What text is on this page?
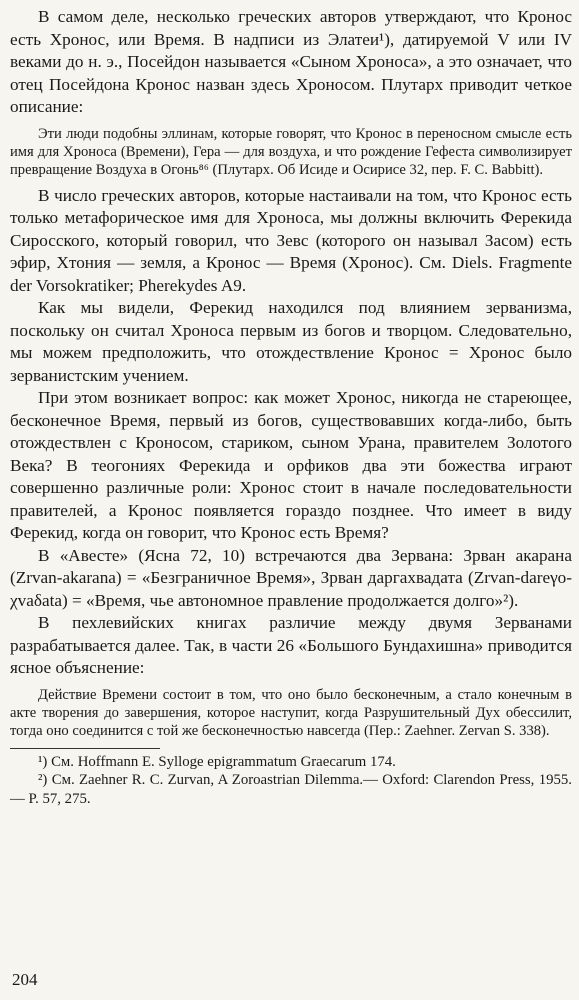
В самом деле, несколько греческих авторов утверждают, что Кронос есть Хронос, или Время. В надписи из Элатеи¹), датируемой V или IV веками до н. э., Посейдон называется «Сыном Хроноса», а это означает, что отец Посейдона Кронос назван здесь Хроносом. Плутарх приводит четкое описание:

Эти люди подобны эллинам, которые говорят, что Кронос в переносном смысле есть имя для Хроноса (Времени), Гера — для воздуха, и что рождение Гефеста символизирует превращение Воздуха в Огонь⁸⁶ (Плутарх. Об Исиде и Осирисе 32, пер. F. C. Babbitt).

В число греческих авторов, которые настаивали на том, что Кронос есть только метафорическое имя для Хроноса, мы должны включить Ферекида Сиросского, который говорил, что Зевс (которого он называл Засом) есть эфир, Хтония — земля, а Кронос — Время (Хронос). См. Diels. Fragmente der Vorsokratiker; Pherekydes A9.

Как мы видели, Ферекид находился под влиянием зерванизма, поскольку он считал Хроноса первым из богов и творцом. Следовательно, мы можем предположить, что отождествление Кронос = Хронос было зерванистским учением.

При этом возникает вопрос: как может Хронос, никогда не стареющее, бесконечное Время, первый из богов, существовавших когда-либо, быть отождествлен с Кроносом, стариком, сыном Урана, правителем Золотого Века? В теогониях Ферекида и орфиков два эти божества играют совершенно различные роли: Хронос стоит в начале последовательности правителей, а Кронос появляется гораздо позднее. Что имеет в виду Ферекид, когда он говорит, что Кронос есть Время?

В «Авесте» (Ясна 72, 10) встречаются два Зервана: Зрван акарана (Zrvan-akarana) = «Безграничное Время», Зрван даргахвадата (Zrvan-dareγo-χvaδata) = «Время, чье автономное правление продолжается долго»²).

В пехлевийских книгах различие между двумя Зерванами разрабатывается далее. Так, в части 26 «Большого Бундахишна» приводится ясное объяснение:

Действие Времени состоит в том, что оно было бесконечным, а стало конечным в акте творения до завершения, которое наступит, когда Разрушительный Дух обессилит, тогда оно соединится с той же бесконечностью навсегда (Пер.: Zaehner. Zervan S. 338).

¹) См. Hoffmann E. Sylloge epigrammatum Graecarum 174.

²) См. Zaehner R. C. Zurvan, A Zoroastrian Dilemma.— Oxford: Clarendon Press, 1955.— P. 57, 275.

204
